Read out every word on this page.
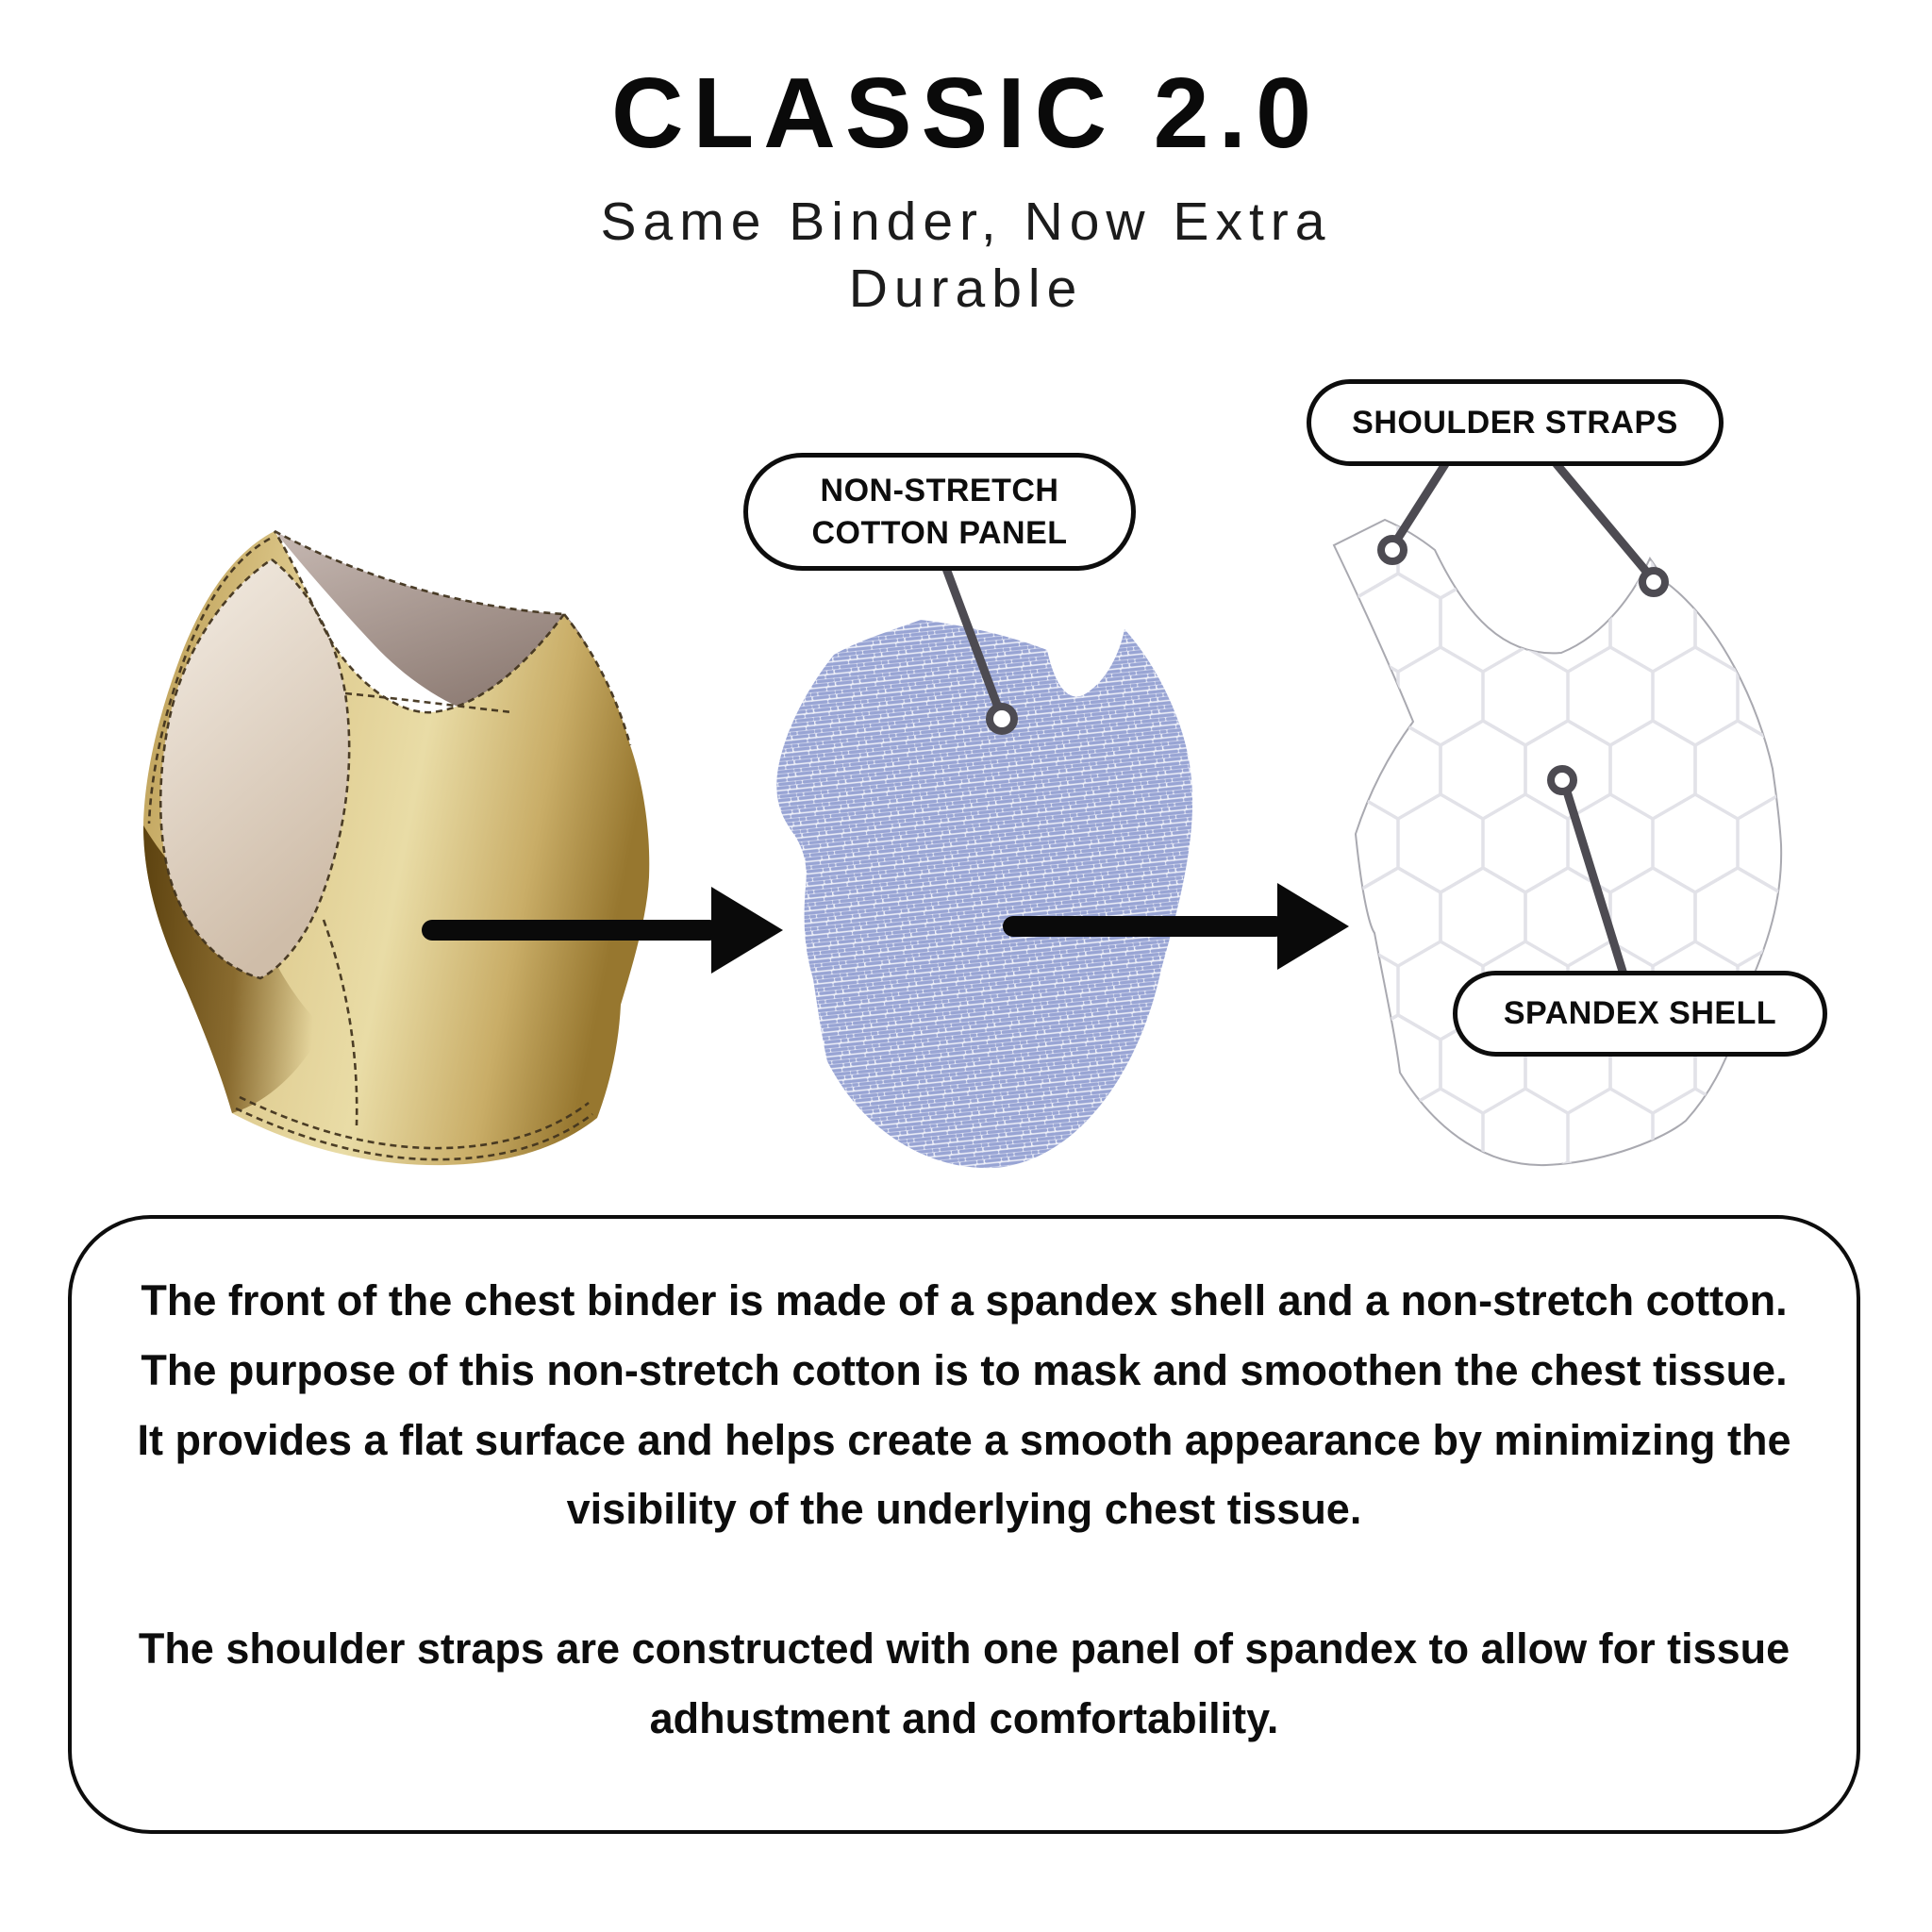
CLASSIC 2.0
Same Binder, Now Extra
Durable
NON-STRETCH
COTTON PANEL
SHOULDER STRAPS
SPANDEX SHELL

The front of the chest binder is made of a spandex shell and a non-stretch cotton. The purpose of this non-stretch cotton is to mask and smoothen the chest tissue. It provides a flat surface and helps create a smooth appearance by minimizing the visibility of the underlying chest tissue.

The shoulder straps are constructed with one panel of spandex to allow for tissue adhustment and comfortability.
